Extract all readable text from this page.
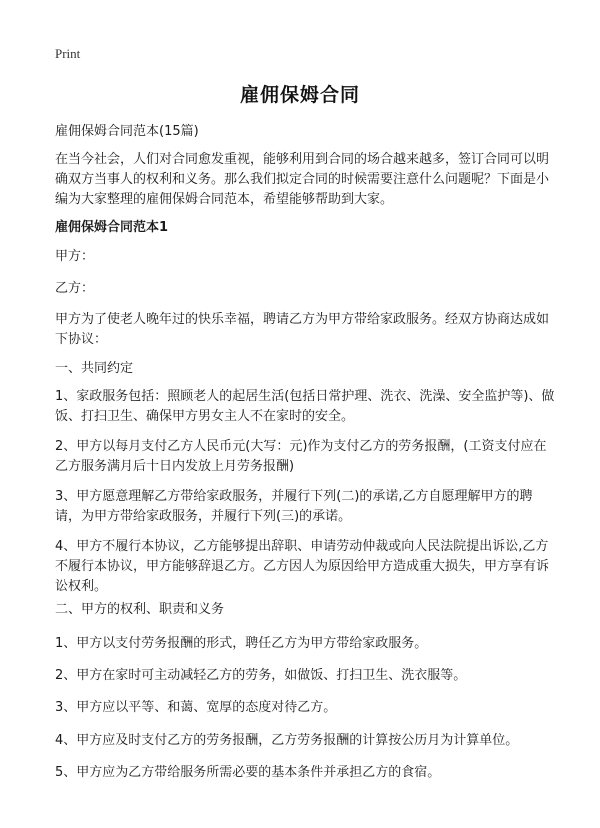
Print
雇佣保姆合同
雇佣保姆合同范本(15篇)

在当今社会，人们对合同愈发重视，能够利用到合同的场合越来越多，签订合同可以明确双方当事人的权利和义务。那么我们拟定合同的时候需要注意什么问题呢？下面是小编为大家整理的雇佣保姆合同范本，希望能够帮助到大家。

雇佣保姆合同范本1

甲方：

乙方：

甲方为了使老人晚年过的快乐幸福，聘请乙方为甲方带给家政服务。经双方协商达成如下协议：

一、共同约定

1、家政服务包括：照顾老人的起居生活(包括日常护理、洗衣、洗澡、安全监护等)、做饭、打扫卫生、确保甲方男女主人不在家时的安全。

2、甲方以每月支付乙方人民币元(大写：元)作为支付乙方的劳务报酬，(工资支付应在乙方服务满月后十日内发放上月劳务报酬)

3、甲方愿意理解乙方带给家政服务，并履行下列(二)的承诺,乙方自愿理解甲方的聘请，为甲方带给家政服务，并履行下列(三)的承诺。

4、甲方不履行本协议，乙方能够提出辞职、申请劳动仲裁或向人民法院提出诉讼,乙方不履行本协议，甲方能够辞退乙方。乙方因人为原因给甲方造成重大损失，甲方享有诉讼权利。

二、甲方的权利、职责和义务

1、甲方以支付劳务报酬的形式，聘任乙方为甲方带给家政服务。

2、甲方在家时可主动减轻乙方的劳务，如做饭、打扫卫生、洗衣服等。

3、甲方应以平等、和蔼、宽厚的态度对待乙方。

4、甲方应及时支付乙方的劳务报酬，乙方劳务报酬的计算按公历月为计算单位。

5、甲方应为乙方带给服务所需必要的基本条件并承担乙方的食宿。
